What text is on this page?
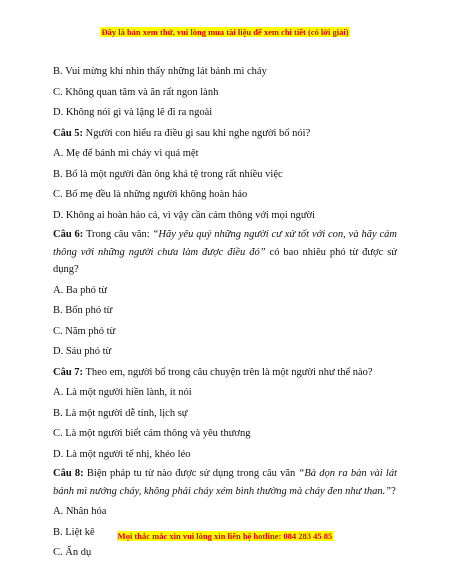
Đây là bản xem thử, vui lòng mua tài liệu để xem chi tiết (có lời giải)
B. Vui mừng khi nhìn thấy những lát bánh mì cháy
C. Không quan tâm và ăn rất ngon lành
D. Không nói gì và lặng lẽ đi ra ngoài
Câu 5: Người con hiểu ra điều gì sau khi nghe người bố nói?
A. Mẹ để bánh mì cháy vì quá mệt
B. Bố là một người đàn ông khá tệ trong rất nhiều việc
C. Bố mẹ đều là những người không hoàn hảo
D. Không ai hoàn hảo cả, vì vậy cần cảm thông với mọi người
Câu 6: Trong câu văn: “Hãy yêu quý những người cư xử tốt với con, và hãy cảm thông với những người chưa làm được điều đó” có bao nhiêu phó từ được sử dụng?
A. Ba phó từ
B. Bốn phó từ
C. Năm phó từ
D. Sáu phó từ
Câu 7: Theo em, người bố trong câu chuyện trên là một người như thế nào?
A. Là một người hiền lành, ít nói
B. Là một người dễ tính, lịch sự
C. Là một người biết cảm thông và yêu thương
D. Là một người tế nhị, khéo léo
Câu 8: Biện pháp tu từ nào được sử dụng trong câu văn “Bà dọn ra bàn vài lát bánh mì nướng cháy, không phải cháy xém bình thường mà cháy đen như than.”?
A. Nhân hóa
B. Liệt kê
C. Ẩn dụ
Mọi thắc mắc xin vui lòng xin liên hệ hotline: 084 283 45 85
